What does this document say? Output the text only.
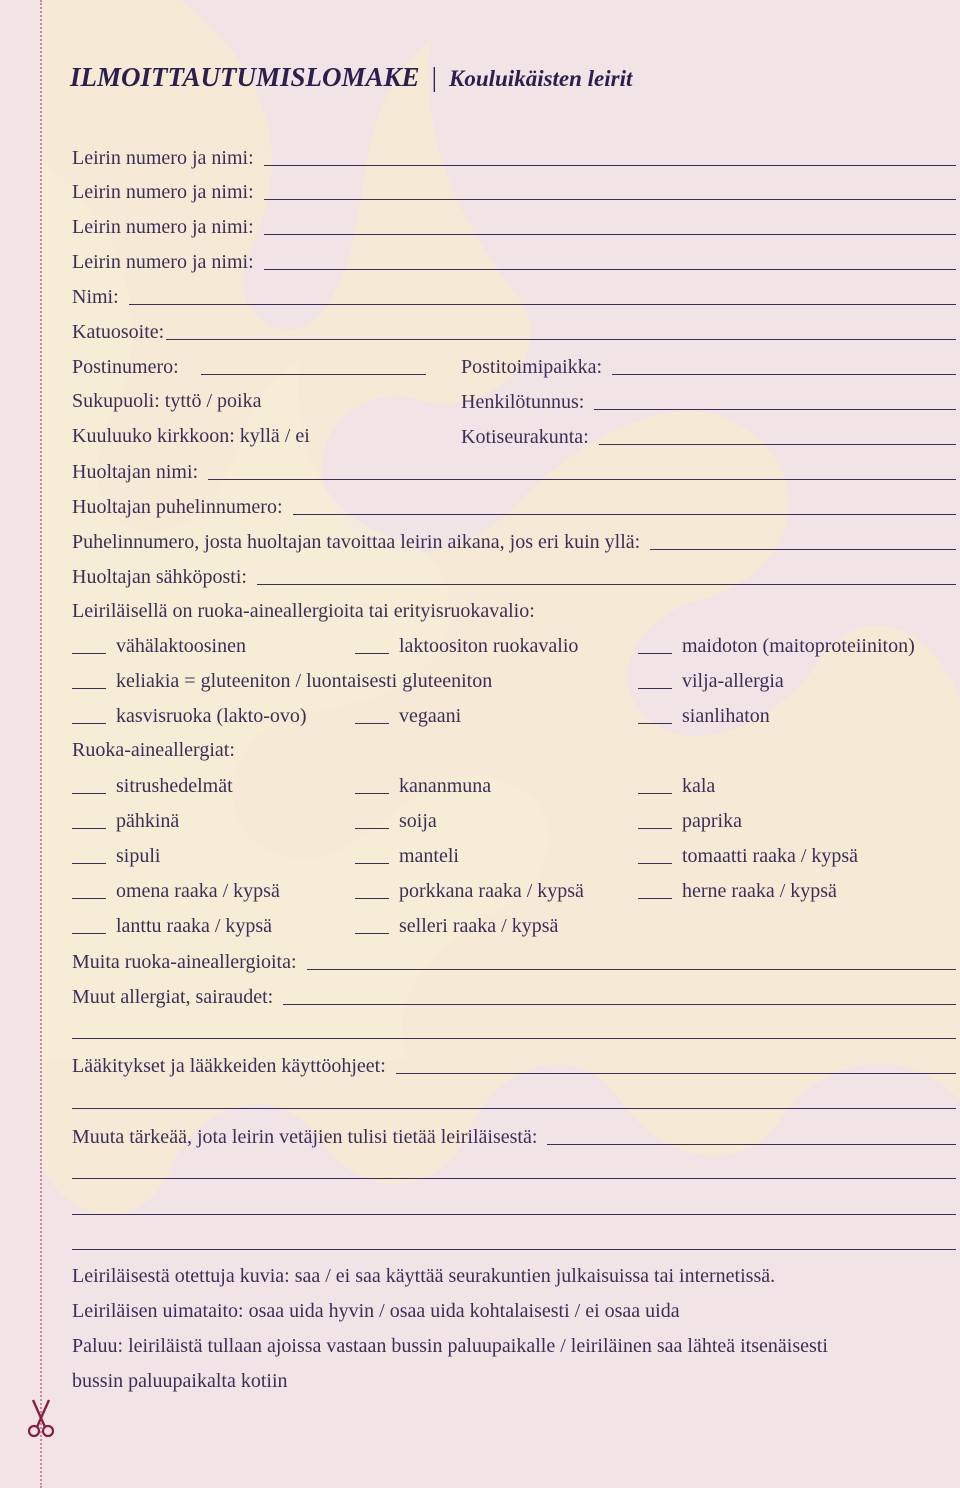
ILMOITTAUTUMISLOMAKE | Kouluikäisten leirit
Leirin numero ja nimi:
Leirin numero ja nimi:
Leirin numero ja nimi:
Leirin numero ja nimi:
Nimi:
Katuosoite:
Postinumero:	Postitoimipaikka:
Sukupuoli: tyttö / poika	Henkilötunnus:
Kuuluuko kirkkoon: kyllä / ei	Kotiseurakunta:
Huoltajan nimi:
Huoltajan puhelinnumero:
Puhelinnumero, josta huoltajan tavoittaa leirin aikana, jos eri kuin yllä:
Huoltajan sähköposti:
Leiriläisellä on ruoka-aineallergioita tai erityisruokavalio:
vähälaktoosinen	laktoositon ruokavalio	maidoton (maitoproteiiniton)
keliakia = gluteeniton / luontaisesti gluteeniton	vilja-allergia
kasvisruoka (lakto-ovo)	vegaani	sianlihaton
Ruoka-aineallergiat:
sitrushedelmät	kananmuna	kala
pähkinä	soija	paprika
sipuli	manteli	tomaatti raaka / kypsä
omena raaka / kypsä	porkkana raaka / kypsä	herne raaka / kypsä
lanttu raaka / kypsä	selleri raaka / kypsä
Muita ruoka-aineallergioita:
Muut allergiat, sairaudet:
Lääkitykset ja lääkkeiden käyttöohjeet:
Muuta tärkeää, jota leirin vetäjien tulisi tietää leiriläisestä:
Leiriläisestä otettuja kuvia: saa / ei saa käyttää seurakuntien julkaisuissa tai internetissä.
Leiriläisen uimataito: osaa uida hyvin / osaa uida kohtalaisesti / ei osaa uida
Paluu: leiriläistä tullaan ajoissa vastaan bussin paluupaikalle / leiriläinen saa lähteä itsenäisesti
bussin paluupaikalta kotiin
